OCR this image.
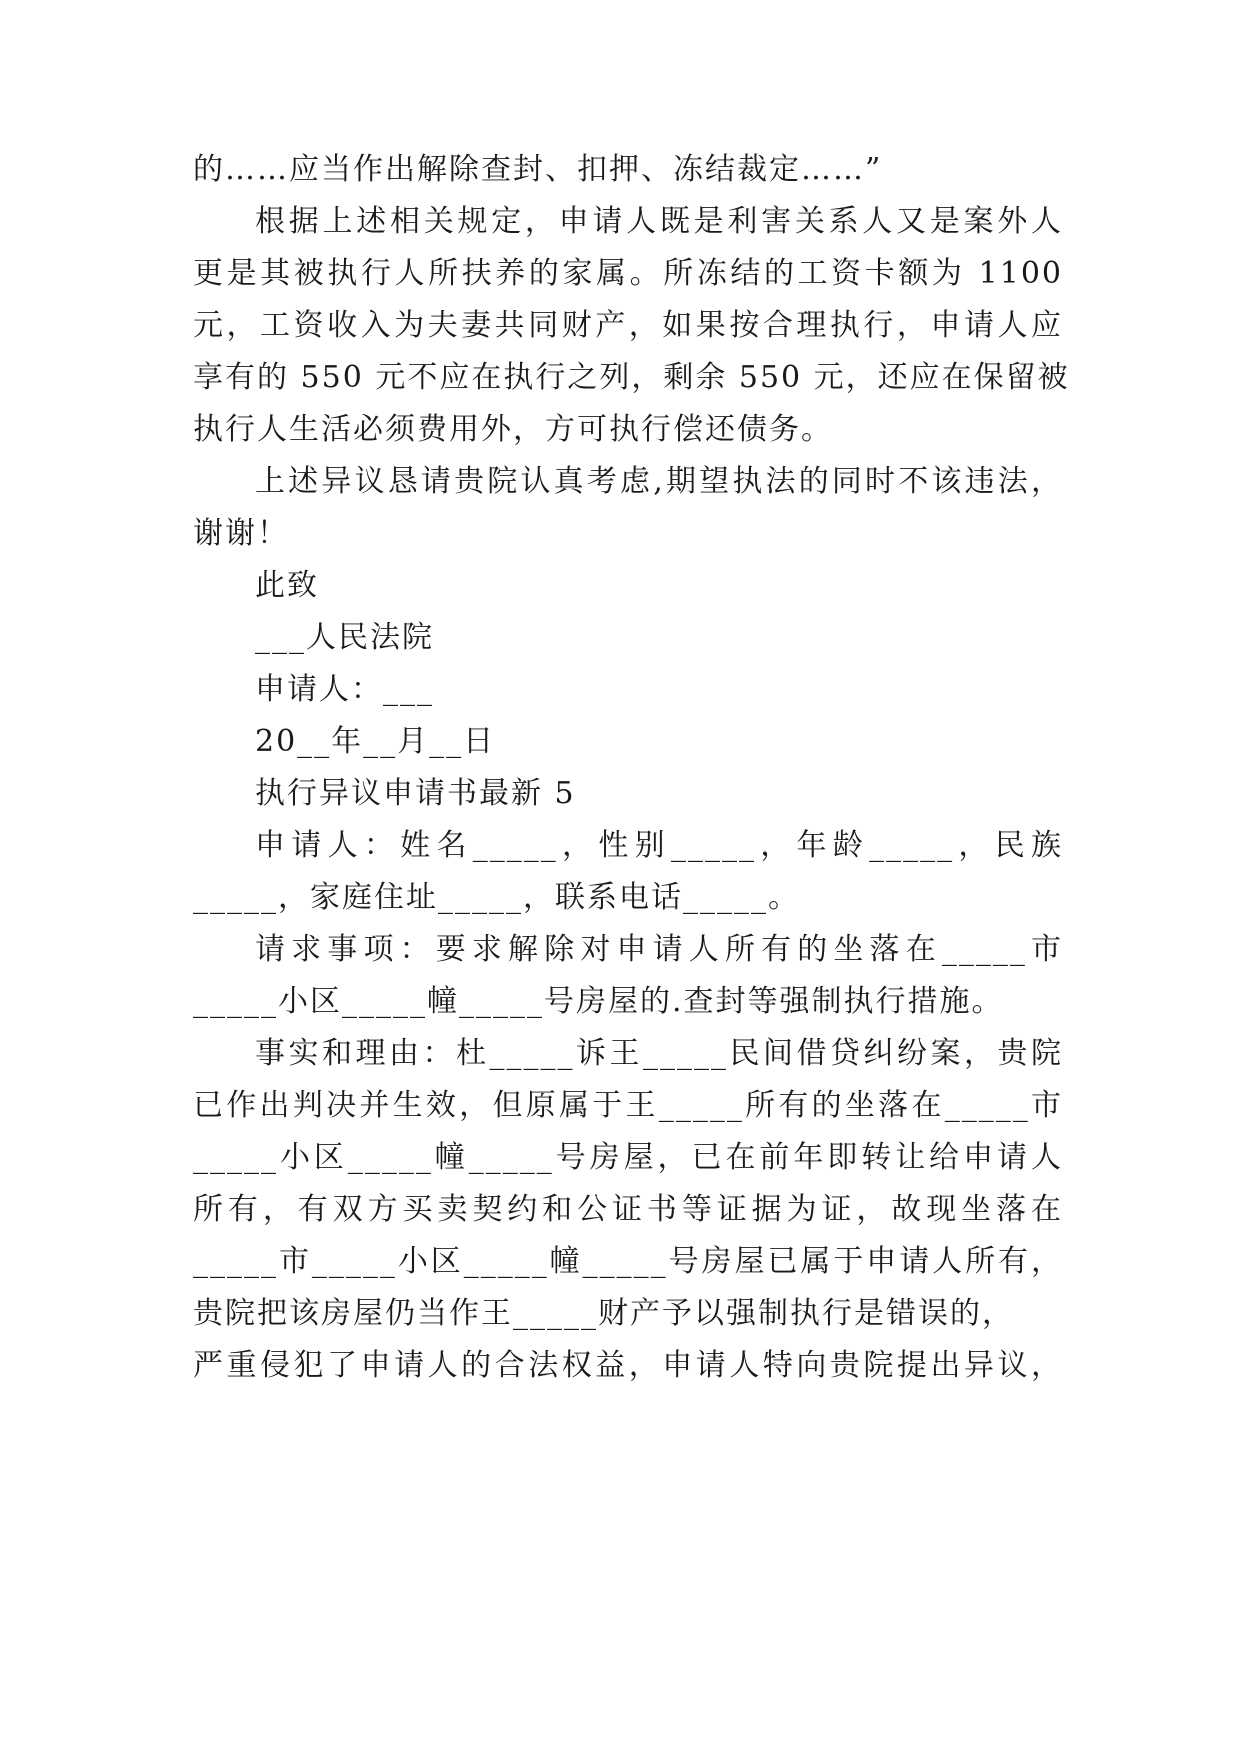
的……应当作出解除查封、扣押、冻结裁定……”
根据上述相关规定，申请人既是利害关系人又是案外人
更是其被执行人所扶养的家属。所冻结的工资卡额为 1100
元，工资收入为夫妻共同财产，如果按合理执行，申请人应
享有的 550 元不应在执行之列，剩余 550 元，还应在保留被
执行人生活必须费用外，方可执行偿还债务。
上述异议恳请贵院认真考虑,期望执法的同时不该违法，
谢谢！
此致
___人民法院
申请人：___
20__年__月__日
执行异议申请书最新 5
申请人：姓名_____，性别_____，年龄_____，民族
_____，家庭住址_____，联系电话_____。
请求事项：要求解除对申请人所有的坐落在_____市
_____小区_____幢_____号房屋的.查封等强制执行措施。
事实和理由：杜_____诉王_____民间借贷纠纷案，贵院
已作出判决并生效，但原属于王_____所有的坐落在_____市
_____小区_____幢_____号房屋，已在前年即转让给申请人
所有，有双方买卖契约和公证书等证据为证，故现坐落在
_____市_____小区_____幢_____号房屋已属于申请人所有，
贵院把该房屋仍当作王_____财产予以强制执行是错误的，
严重侵犯了申请人的合法权益，申请人特向贵院提出异议，
